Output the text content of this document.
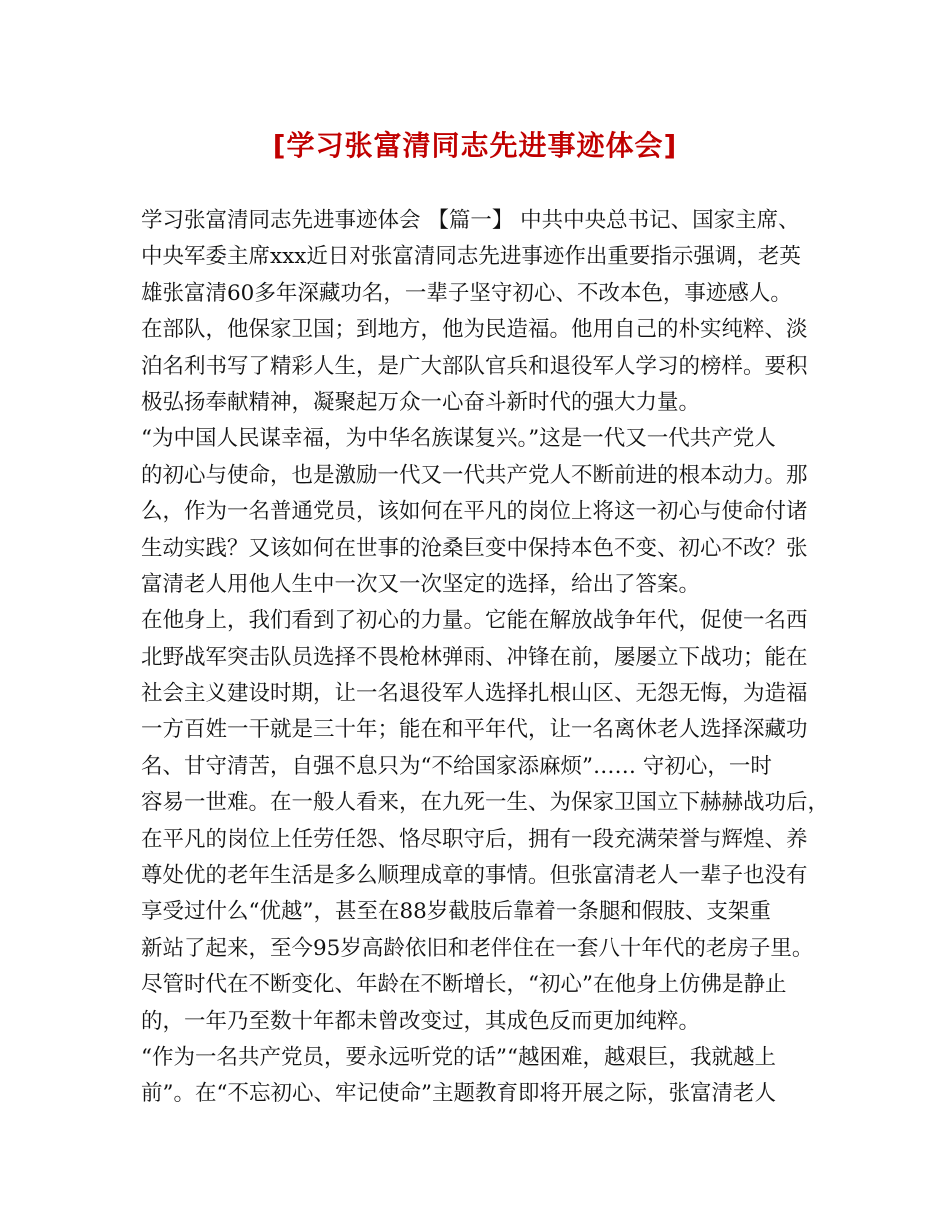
[学习张富清同志先进事迹体会]
学习张富清同志先进事迹体会 【篇一】 中共中央总书记、国家主席、
中央军委主席xxx近日对张富清同志先进事迹作出重要指示强调，老英
雄张富清60多年深藏功名，一辈子坚守初心、不改本色，事迹感人。
在部队，他保家卫国；到地方，他为民造福。他用自己的朴实纯粹、淡
泊名利书写了精彩人生，是广大部队官兵和退役军人学习的榜样。要积
极弘扬奉献精神，凝聚起万众一心奋斗新时代的强大力量。
“为中国人民谋幸福，为中华名族谋复兴。”这是一代又一代共产党人
的初心与使命，也是激励一代又一代共产党人不断前进的根本动力。那
么，作为一名普通党员，该如何在平凡的岗位上将这一初心与使命付诸
生动实践？又该如何在世事的沧桑巨变中保持本色不变、初心不改？张
富清老人用他人生中一次又一次坚定的选择，给出了答案。
在他身上，我们看到了初心的力量。它能在解放战争年代，促使一名西
北野战军突击队员选择不畏枪林弹雨、冲锋在前，屡屡立下战功；能在
社会主义建设时期，让一名退役军人选择扎根山区、无怨无悔，为造福
一方百姓一干就是三十年；能在和平年代，让一名离休老人选择深藏功
名、甘守清苦，自强不息只为“不给国家添麻烦”…… 守初心，一时
容易一世难。在一般人看来，在九死一生、为保家卫国立下赫赫战功后，
在平凡的岗位上任劳任怨、恪尽职守后，拥有一段充满荣誉与辉煌、养
尊处优的老年生活是多么顺理成章的事情。但张富清老人一辈子也没有
享受过什么“优越”，甚至在88岁截肢后靠着一条腿和假肢、支架重
新站了起来，至今95岁高龄依旧和老伴住在一套八十年代的老房子里。
尽管时代在不断变化、年龄在不断增长，“初心”在他身上仿佛是静止
的，一年乃至数十年都未曾改变过，其成色反而更加纯粹。
“作为一名共产党员，要永远听党的话”“越困难，越艰巨，我就越上
前”。在“不忘初心、牢记使命”主题教育即将开展之际，张富清老人
